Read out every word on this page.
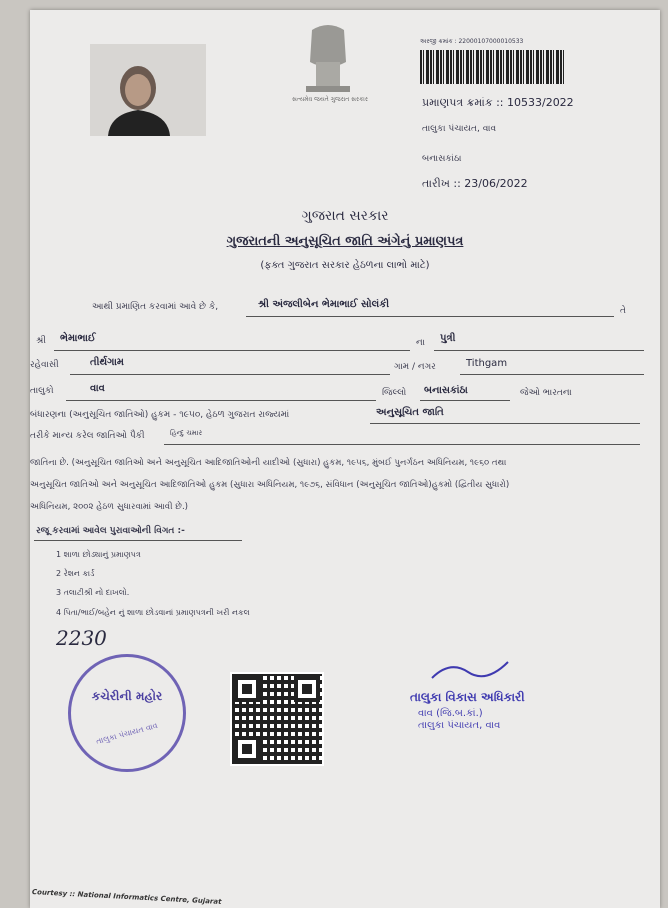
સત્યમેવ જયતે ગુજરાત સરકાર
અરજી ક્રમાંક : 22000107000010533
પ્રમાણપત્ર ક્રમાંક :: 10533/2022
તાલુકા પંચાયત, વાવ
બનાસકાંઠા
તારીખ :: 23/06/2022
ગુજરાત સરકાર
ગુજરાતની અનુસૂચિત જાતિ અંગેનું પ્રમાણપત્ર
(ફક્ત ગુજરાત સરકાર હેઠળના લાભો માટે)
આથી પ્રમાણિત કરવામાં આવે છે કે,	શ્રી અંજલીબેન ભેમાભાઈ સોલંકી
તે
શ્રી ભેમાભાઈ	ના પુત્રી
રહેવાસી	તીર્થગામ	ગામ / નગર	Tithgam
તાલુકો	વાવ	જિલ્લો બનાસકાંઠા	જેઓ ભારતના
બંધારણના (અનુસૂચિત જાતિઓ) હુકમ - ૧૯૫૦, હેઠળ ગુજરાત રાજ્યમાં	અનુસૂચિત જાતિ
તરીકે માન્ય કરેલ જાતિઓ પૈકી	હિન્દુ ચમાર
જાતિના છે. (અનુસૂચિત જાતિઓ અને અનુસૂચિત આદિજાતિઓની યાદીઓ (સુધારા) હુકમ, ૧૯૫૬, મુંબઈ પુનર્ગઠન અધિનિયમ, ૧૯૬૦ તથા
અનુસૂચિત જાતિઓ અને અનુસૂચિત આદિજાતિઓ હુકમ (સુધારા અધિનિયમ, ૧૯૭૬, સંવિધાન (અનુસૂચિત જાતિઓ)હુકમો (દ્વિતીય સુધારો)
અધિનિયમ, ૨૦૦૨ હેઠળ સુધારવામાં આવી છે.)
રજૂ કરવામાં આવેલ પુરાવાઓની વિગત :-
1 શાળા છોડ્યાનું પ્રમાણપત્ર
2 રેશન કાર્ડ
3 તલાટીશ્રી નો દાખલો.
4 પિતા/ભાઈ/બહેન નું શાળા છોડવાનાં પ્રમાણપત્રની ખરી નકલ
2230
કચેરીની મહોર
તાલુકા પંચાયત વાવ
તાલુકા વિકાસ અધિકારી
વાવ (જિ.બ.કાં.)
તાલુકા પંચાયત, વાવ
Courtesy :: National Informatics Centre, Gujarat
